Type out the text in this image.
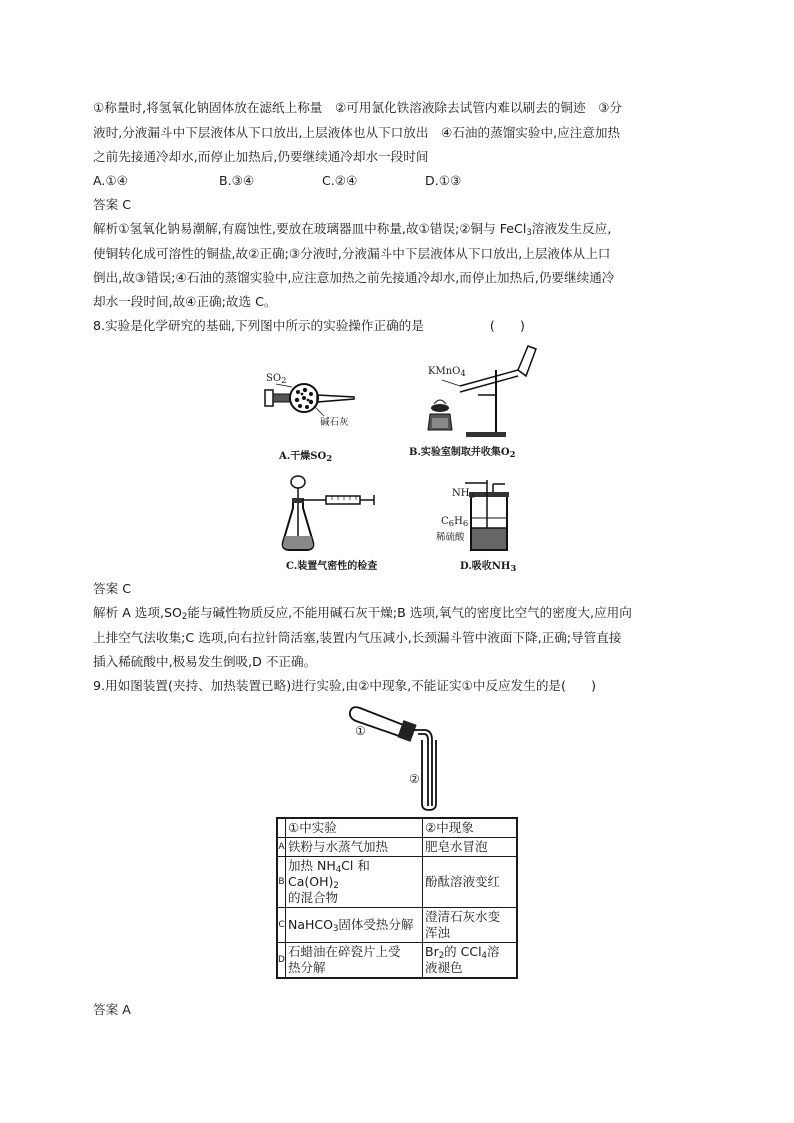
①称量时,将氢氧化钠固体放在滤纸上称量　②可用氯化铁溶液除去试管内难以刷去的铜迹　③分
液时,分液漏斗中下层液体从下口放出,上层液体也从下口放出　④石油的蒸馏实验中,应注意加热
之前先接通冷却水,而停止加热后,仍要继续通冷却水一段时间
A.①④	B.③④	C.②④	D.①③
答案 C
解析①氢氧化钠易潮解,有腐蚀性,要放在玻璃器皿中称量,故①错误;②铜与 FeCl$_3$溶液发生反应,
使铜转化成可溶性的铜盐,故②正确;③分液时,分液漏斗中下层液体从下口放出,上层液体从上口
倒出,故③错误;④石油的蒸馏实验中,应注意加热之前先接通冷却水,而停止加热后,仍要继续通冷
却水一段时间,故④正确;故选 C。
8.实验是化学研究的基础,下列图中所示的实验操作正确的是	(　　)
$SO_2$
碱石灰
A.干燥$SO_2$
KMnO$_4$
B.实验室制取并收集$O_2$
C.装置气密性的检查
$NH_3$
$C_6H_6$
稀硫酸
D.吸收$NH_3$
答案 C
解析 A 选项$,SO_2$能与碱性物质反应,不能用碱石灰干燥;B 选项,氧气的密度比空气的密度大,应用向
上排空气法收集;C 选项,向右拉针筒活塞,装置内气压减小,长颈漏斗管中液面下降,正确;导管直接
插入稀硫酸中,极易发生倒吸,D 不正确。
9.用如图装置(夹持、加热装置已略)进行实验,由②中现象,不能证实①中反应发生的是(　　)
①
②
	①中实验	②中现象
A	铁粉与水蒸气加热	肥皂水冒泡
B	加热 $NH_4Cl$ 和 $Ca(OH)_2$
的混合物	酚酞溶液变红
C	NaHCO$_3$固体受热分解	澄清石灰水变
浑浊
D	石蜡油在碎瓷片上受
热分解	$Br_2$的 CCl$_4$溶
液褪色
答案 A
